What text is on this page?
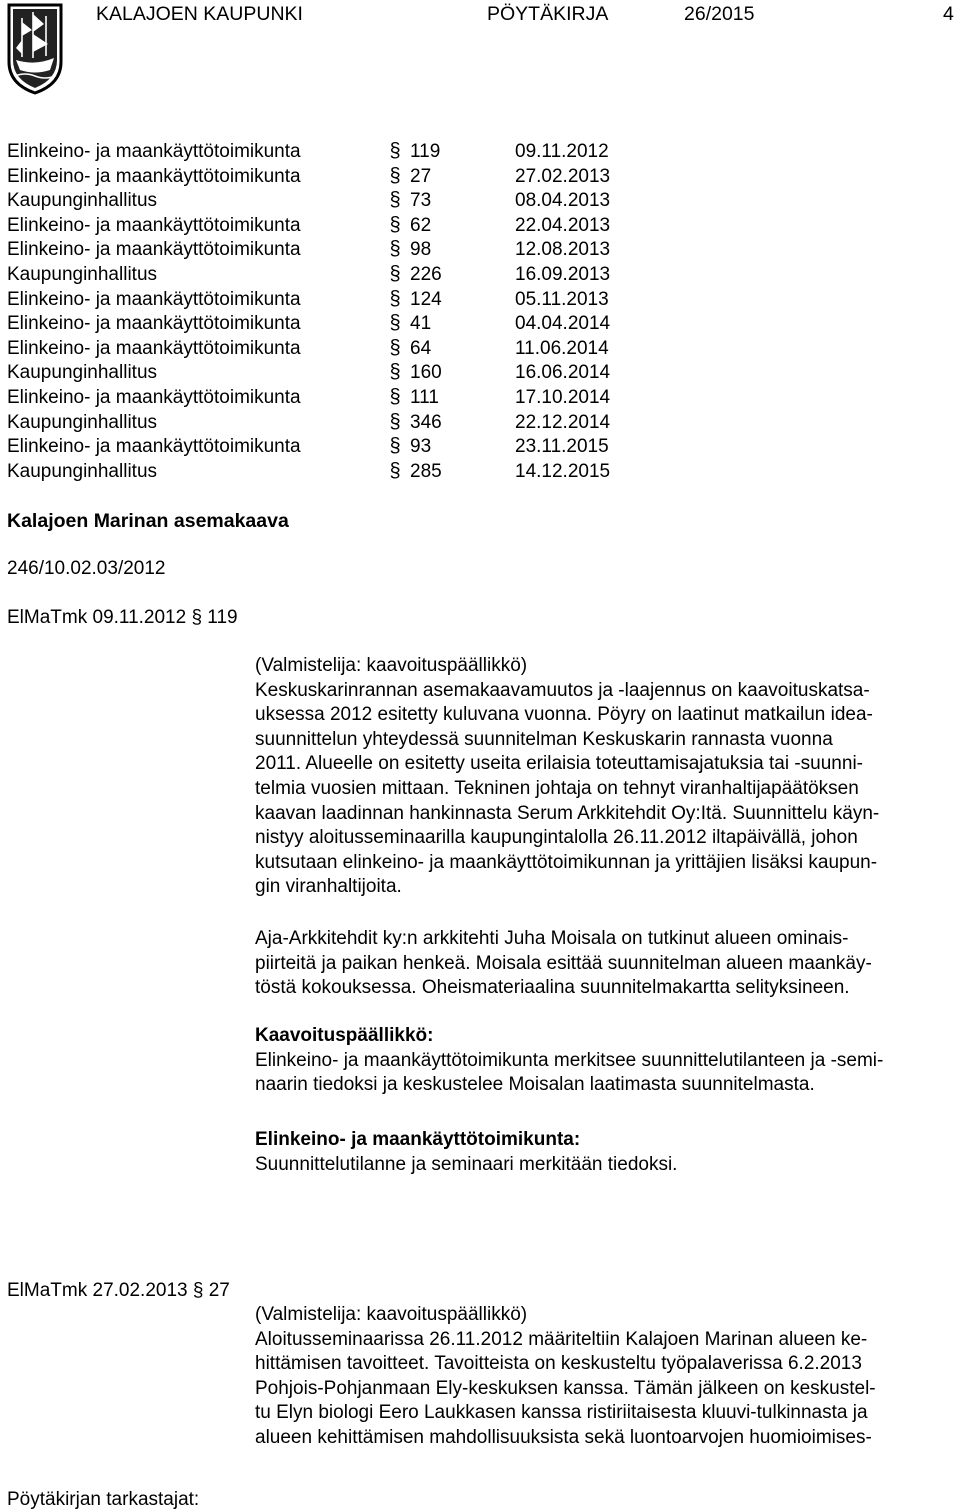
KALAJOEN KAUPUNKI	PÖYTÄKIRJA	26/2015	4
Elinkeino- ja maankäyttötoimikunta	§ 119	09.11.2012
Elinkeino- ja maankäyttötoimikunta	§ 27	27.02.2013
Kaupunginhallitus	§ 73	08.04.2013
Elinkeino- ja maankäyttötoimikunta	§ 62	22.04.2013
Elinkeino- ja maankäyttötoimikunta	§ 98	12.08.2013
Kaupunginhallitus	§ 226	16.09.2013
Elinkeino- ja maankäyttötoimikunta	§ 124	05.11.2013
Elinkeino- ja maankäyttötoimikunta	§ 41	04.04.2014
Elinkeino- ja maankäyttötoimikunta	§ 64	11.06.2014
Kaupunginhallitus	§ 160	16.06.2014
Elinkeino- ja maankäyttötoimikunta	§ 111	17.10.2014
Kaupunginhallitus	§ 346	22.12.2014
Elinkeino- ja maankäyttötoimikunta	§ 93	23.11.2015
Kaupunginhallitus	§ 285	14.12.2015
Kalajoen Marinan asemakaava
246/10.02.03/2012
ElMaTmk 09.11.2012 § 119
(Valmistelija: kaavoituspäällikkö)
Keskuskarinrannan asemakaavamuutos ja -laajennus on kaavoituskatsa-
uksessa 2012 esitetty kuluvana vuonna. Pöyry on laatinut matkailun idea-
suunnittelun yhteydessä suunnitelman Keskuskarin rannasta vuonna
2011. Alueelle on esitetty useita erilaisia toteuttamisajatuksia tai -suunni-
telmia vuosien mittaan. Tekninen johtaja on tehnyt viranhaltijapäätöksen
kaavan laadinnan hankinnasta Serum Arkkitehdit Oy:Itä. Suunnittelu käyn-
nistyy aloitusseminaarilla kaupungintalolla 26.11.2012 iltapäivällä, johon
kutsutaan elinkeino- ja maankäyttötoimikunnan ja yrittäjien lisäksi kaupun-
gin viranhaltijoita.
Aja-Arkkitehdit ky:n arkkitehti Juha Moisala on tutkinut alueen ominais-
piirteitä ja paikan henkeä. Moisala esittää suunnitelman alueen maankäy-
töstä kokouksessa. Oheismateriaalina suunnitelmakartta selityksineen.
Kaavoituspäällikkö:
Elinkeino- ja maankäyttötoimikunta merkitsee suunnittelutilanteen ja -semi-
naarin tiedoksi ja keskustelee Moisalan laatimasta suunnitelmasta.
Elinkeino- ja maankäyttötoimikunta:
Suunnittelutilanne ja seminaari merkitään tiedoksi.
ElMaTmk 27.02.2013 § 27
(Valmistelija: kaavoituspäällikkö)
Aloitusseminaarissa 26.11.2012 määriteltiin Kalajoen Marinan alueen ke-
hittämisen tavoitteet. Tavoitteista on keskusteltu työpalaverissa 6.2.2013
Pohjois-Pohjanmaan Ely-keskuksen kanssa. Tämän jälkeen on keskustel-
tu Elyn biologi Eero Laukkasen kanssa ristiriitaisesta kluuvi-tulkinnasta ja
alueen kehittämisen mahdollisuuksista sekä luontoarvojen huomioimises-
Pöytäkirjan tarkastajat:
